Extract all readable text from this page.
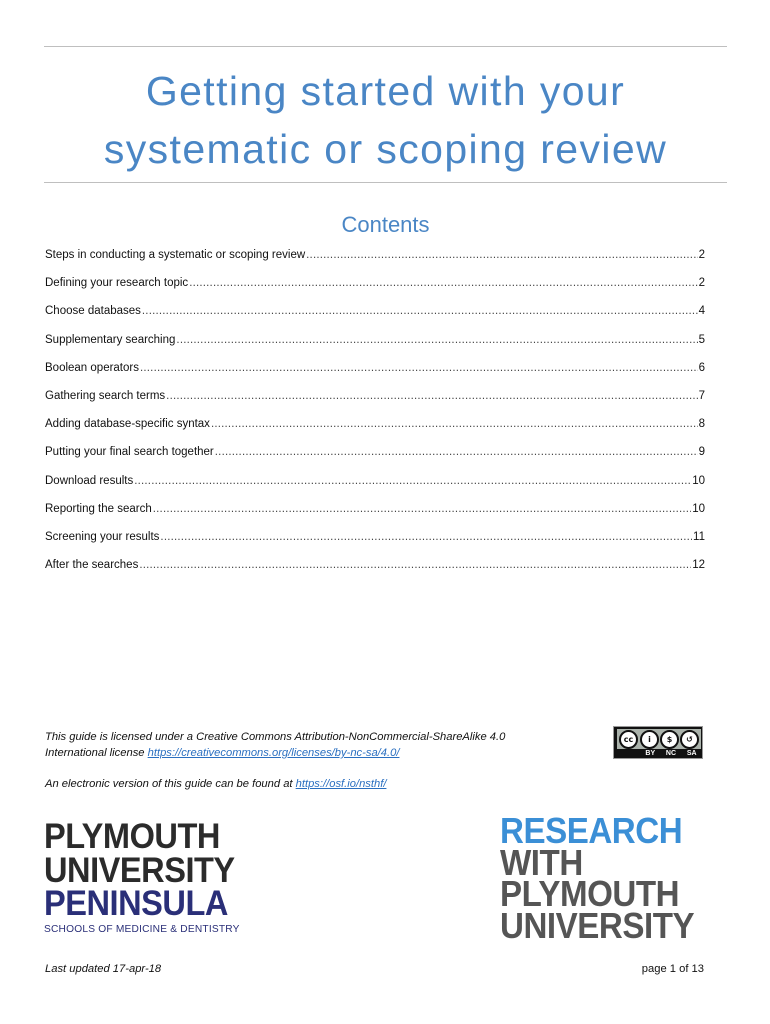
Getting started with your
systematic or scoping review
Contents
Steps in conducting a systematic or scoping review .....	2
Defining your research topic .....	2
Choose databases .....	4
Supplementary searching .....	5
Boolean operators .....	6
Gathering search terms .....	7
Adding database-specific syntax .....	8
Putting your final search together .....	9
Download results .....	10
Reporting the search .....	10
Screening your results .....	11
After the searches .....	12
This guide is licensed under a Creative Commons Attribution-NonCommercial-ShareAlike 4.0
International license https://creativecommons.org/licenses/by-nc-sa/4.0/
cc	i	$	↺
BY NC SA
An electronic version of this guide can be found at https://osf.io/nsthf/
PLYMOUTH
UNIVERSITY
PENINSULA
SCHOOLS OF MEDICINE & DENTISTRY
RESEARCH
WITH
PLYMOUTH
UNIVERSITY
Last updated 17-apr-18	page 1 of 13
